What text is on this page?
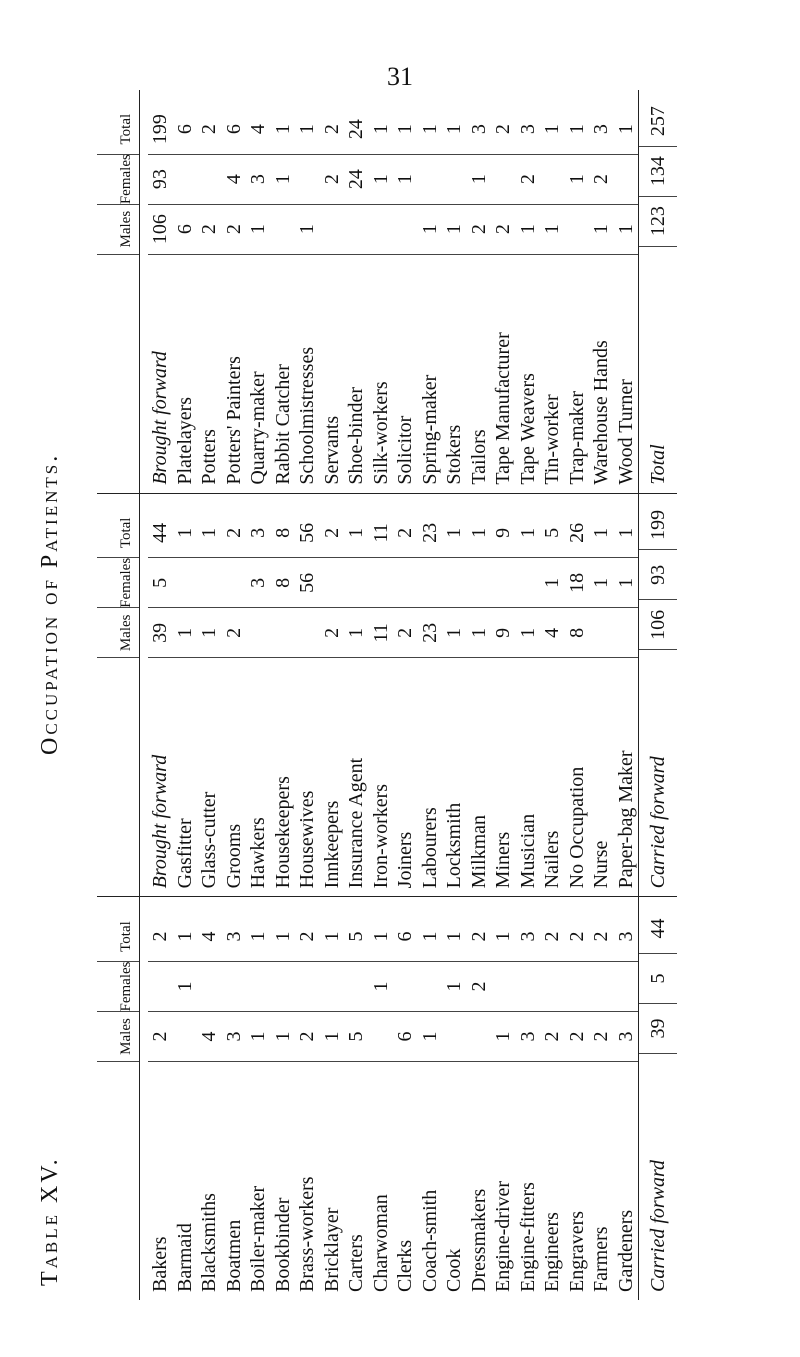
31
Table XV.
Occupation of Patients.
Males
Females
Total
Bakers
2
2
Barmaid
1
1
Blacksmiths
4
4
Boatmen
3
3
Boiler-maker
1
1
Bookbinder
1
1
Brass-workers
2
2
Bricklayer
1
1
Carters
5
5
Charwoman
1
1
Clerks
6
6
Coach-smith
1
1
Cook
1
1
Dressmakers
2
2
Engine-driver
1
1
Engine-fitters
3
3
Engineers
2
2
Engravers
2
2
Farmers
2
2
Gardeners
3
3
Carried forward
39
5
44
Males
Females
Total
Brought forward
39
5
44
Gasfitter
1
1
Glass-cutter
1
1
Grooms
2
2
Hawkers
3
3
Housekeepers
8
8
Housewives
56
56
Innkeepers
2
2
Insurance Agent
1
1
Iron-workers
11
11
Joiners
2
2
Labourers
23
23
Locksmith
1
1
Milkman
1
1
Miners
9
9
Musician
1
1
Nailers
4
1
5
No Occupation
8
18
26
Nurse
1
1
Paper-bag Maker
1
1
Carried forward
106
93
199
Males
Females
Total
Brought forward
106
93
199
Platelayers
6
6
Potters
2
2
Potters' Painters
2
4
6
Quarry-maker
1
3
4
Rabbit Catcher
1
1
Schoolmistresses
1
1
Servants
2
2
Shoe-binder
24
24
Silk-workers
1
1
Solicitor
1
1
Spring-maker
1
1
Stokers
1
1
Tailors
2
1
3
Tape Manufacturer
2
2
Tape Weavers
1
2
3
Tin-worker
1
1
Trap-maker
1
1
Warehouse Hands
1
2
3
Wood Turner
1
1
Total
123
134
257
